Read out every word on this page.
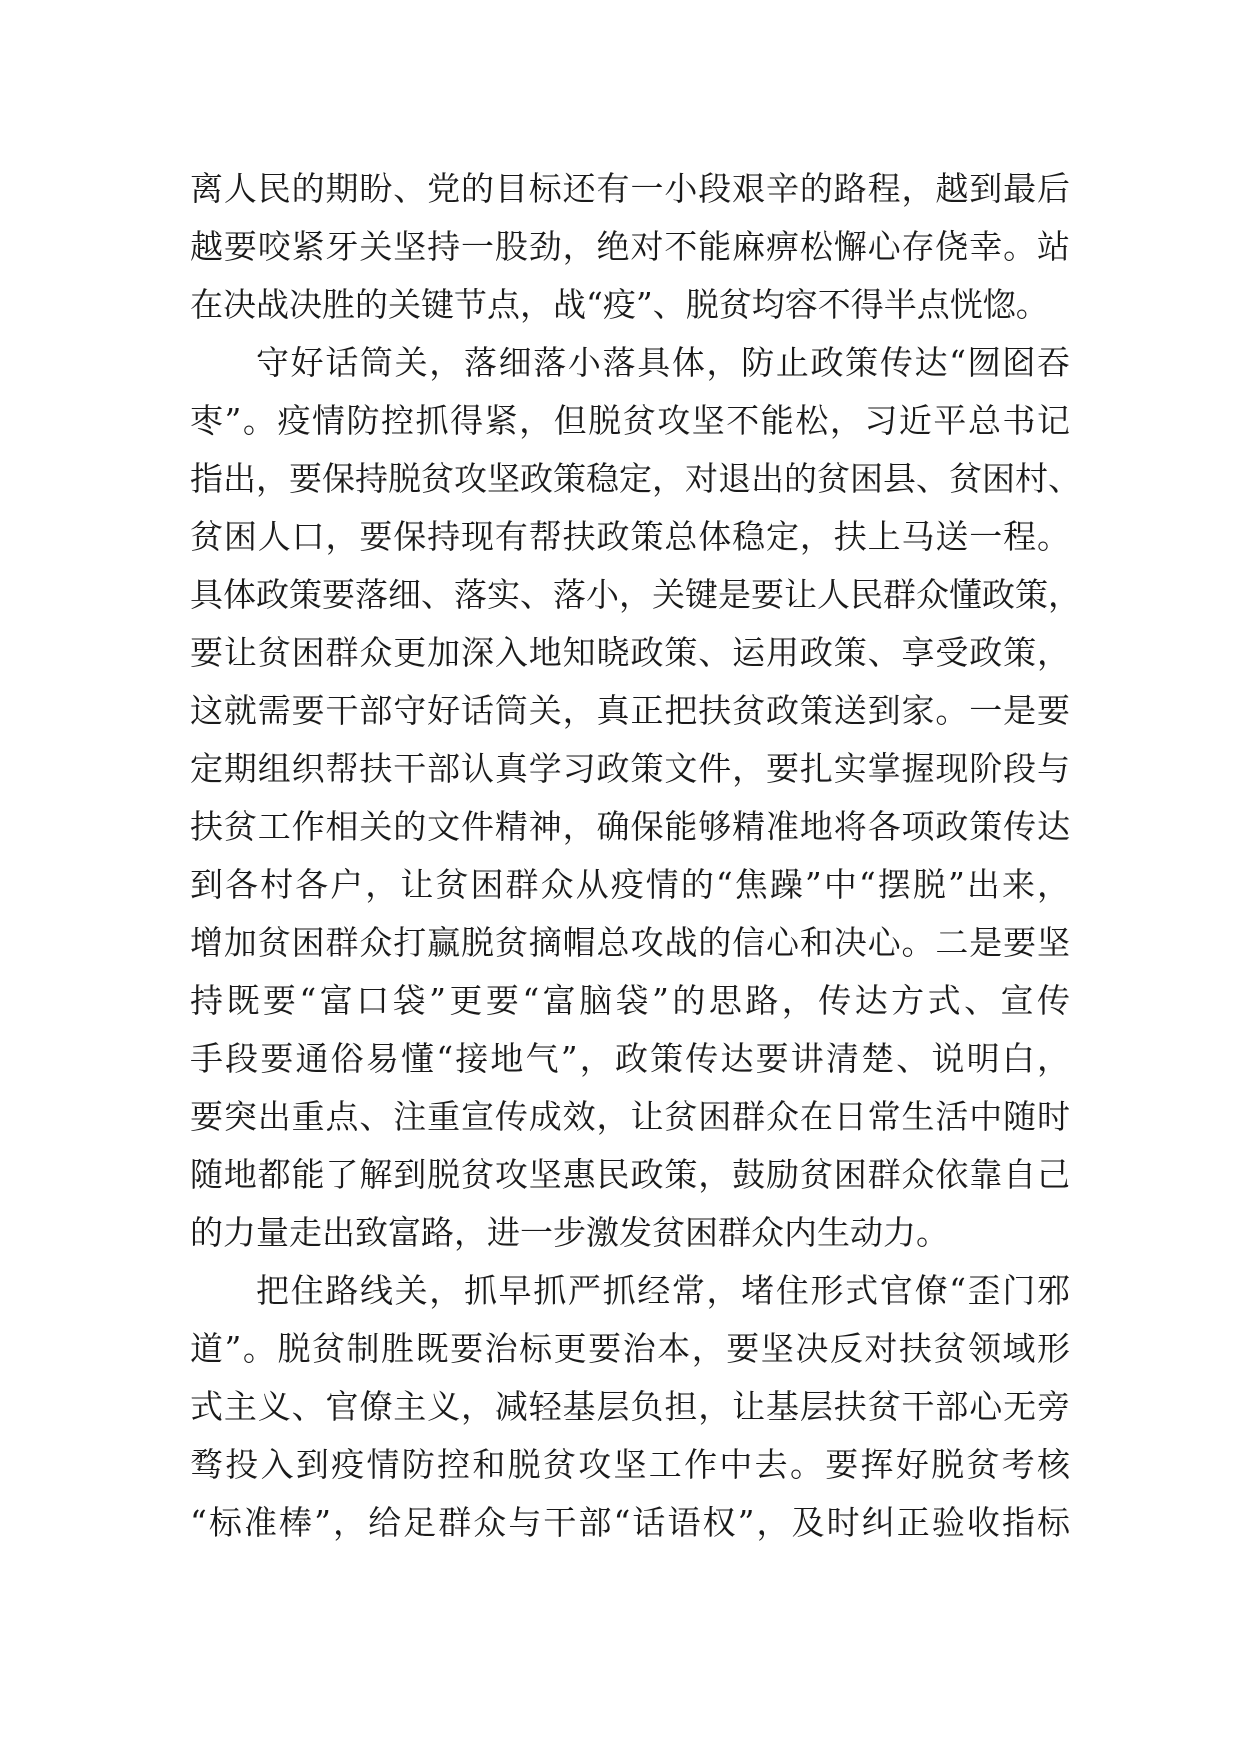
离人民的期盼、党的目标还有一小段艰辛的路程，越到最后
越要咬紧牙关坚持一股劲，绝对不能麻痹松懈心存侥幸。站
在决战决胜的关键节点，战“疫”、脱贫均容不得半点恍惚。
守好话筒关，落细落小落具体，防止政策传达“囫囵吞
枣”。疫情防控抓得紧，但脱贫攻坚不能松，习近平总书记
指出，要保持脱贫攻坚政策稳定，对退出的贫困县、贫困村、
贫困人口，要保持现有帮扶政策总体稳定，扶上马送一程。
具体政策要落细、落实、落小，关键是要让人民群众懂政策，
要让贫困群众更加深入地知晓政策、运用政策、享受政策，
这就需要干部守好话筒关，真正把扶贫政策送到家。一是要
定期组织帮扶干部认真学习政策文件，要扎实掌握现阶段与
扶贫工作相关的文件精神，确保能够精准地将各项政策传达
到各村各户，让贫困群众从疫情的“焦躁”中“摆脱”出来，
增加贫困群众打赢脱贫摘帽总攻战的信心和决心。二是要坚
持既要“富口袋”更要“富脑袋”的思路，传达方式、宣传
手段要通俗易懂“接地气”，政策传达要讲清楚、说明白，
要突出重点、注重宣传成效，让贫困群众在日常生活中随时
随地都能了解到脱贫攻坚惠民政策，鼓励贫困群众依靠自己
的力量走出致富路，进一步激发贫困群众内生动力。
把住路线关，抓早抓严抓经常，堵住形式官僚“歪门邪
道”。脱贫制胜既要治标更要治本，要坚决反对扶贫领域形
式主义、官僚主义，减轻基层负担，让基层扶贫干部心无旁
骛投入到疫情防控和脱贫攻坚工作中去。要挥好脱贫考核
“标准棒”，给足群众与干部“话语权”，及时纠正验收指标
